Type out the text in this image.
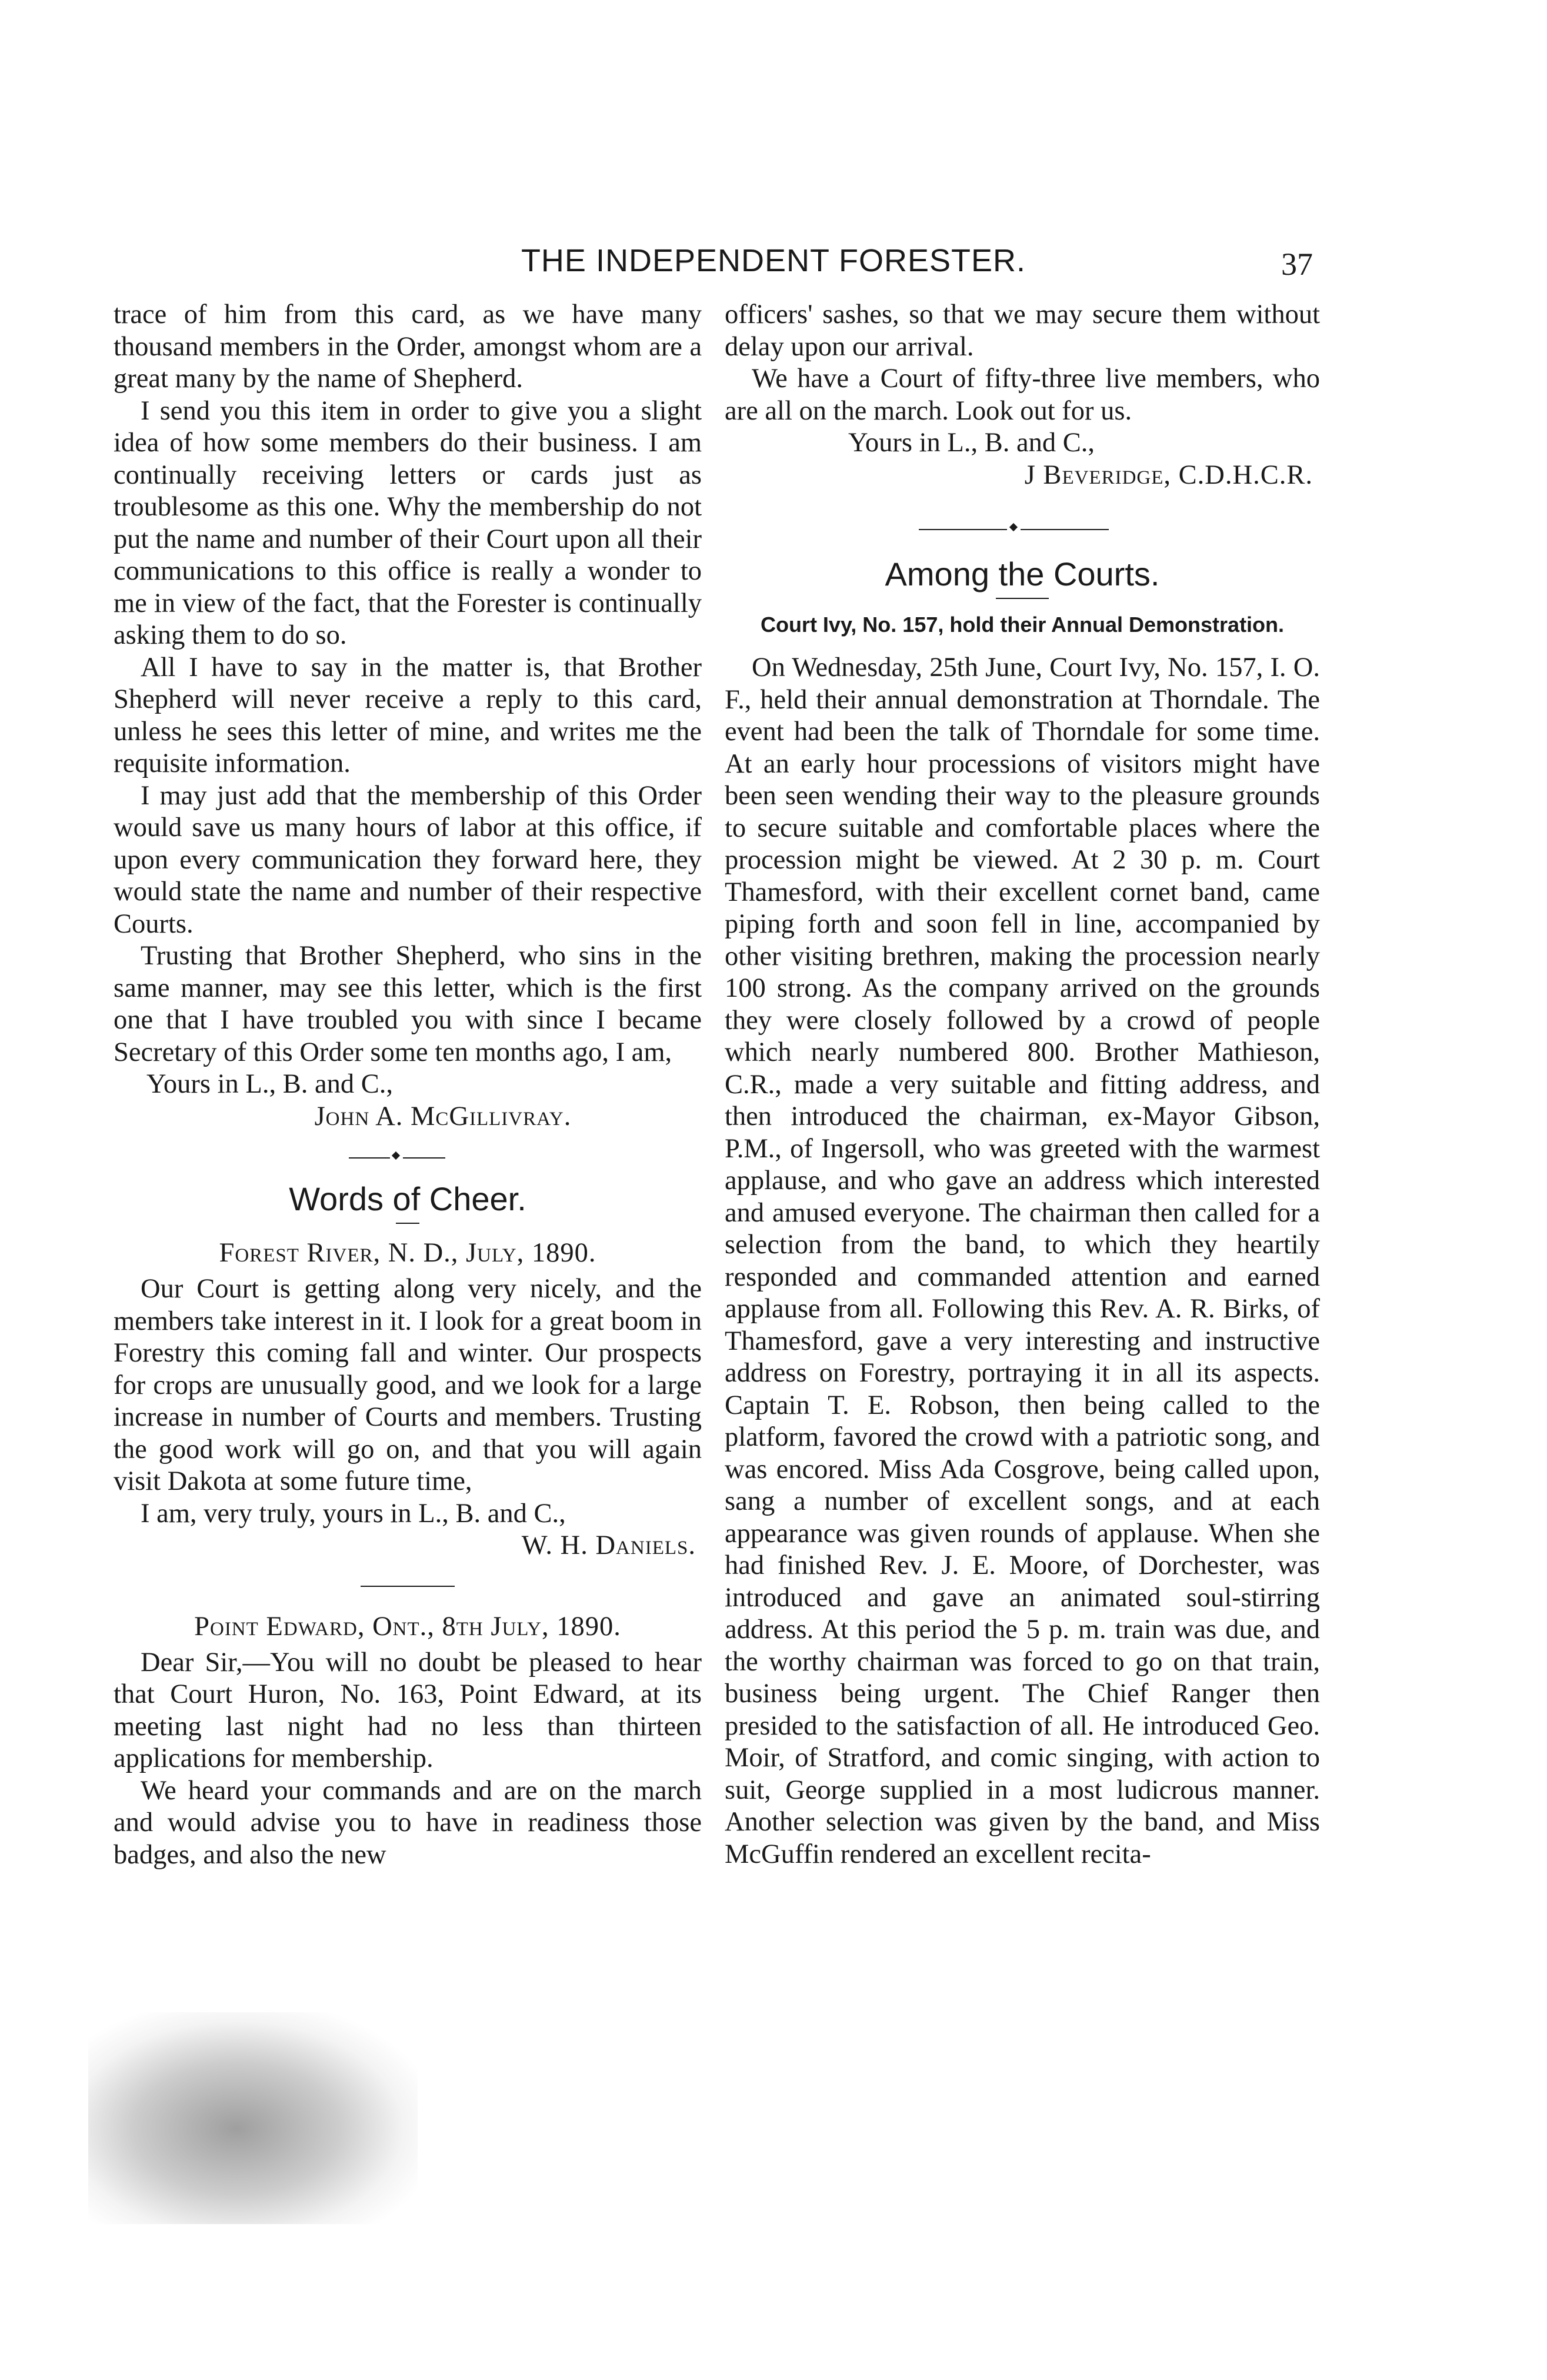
THE INDEPENDENT FORESTER.	37

trace of him from this card, as we have many thousand members in the Order, amongst whom are a great many by the name of Shepherd.

I send you this item in order to give you a slight idea of how some members do their business. I am continually receiving letters or cards just as troublesome as this one. Why the membership do not put the name and number of their Court upon all their communications to this office is really a wonder to me in view of the fact, that the Forester is continually asking them to do so.

All I have to say in the matter is, that Brother Shepherd will never receive a reply to this card, unless he sees this letter of mine, and writes me the requisite information.

I may just add that the membership of this Order would save us many hours of labor at this office, if upon every communication they forward here, they would state the name and number of their respective Courts.

Trusting that Brother Shepherd, who sins in the same manner, may see this letter, which is the first one that I have troubled you with since I became Secretary of this Order some ten months ago, I am,

Yours in L., B. and C.,
John A. McGillivray.
Words of Cheer.
Forest River, N. D., July, 1890.

Our Court is getting along very nicely, and the members take interest in it. I look for a great boom in Forestry this coming fall and winter. Our prospects for crops are unusually good, and we look for a large increase in number of Courts and members. Trusting the good work will go on, and that you will again visit Dakota at some future time,

I am, very truly, yours in L., B. and C.,
W. H. Daniels.
Point Edward, Ont., 8th July, 1890.

Dear Sir,—You will no doubt be pleased to hear that Court Huron, No. 163, Point Edward, at its meeting last night had no less than thirteen applications for membership.

We heard your commands and are on the march and would advise you to have in readiness those badges, and also the new

officers' sashes, so that we may secure them without delay upon our arrival.

We have a Court of fifty-three live members, who are all on the march. Look out for us.

Yours in L., B. and C.,
J Beveridge, C.D.H.C.R.
Among the Courts.
Court Ivy, No. 157, hold their Annual Demonstration.

On Wednesday, 25th June, Court Ivy, No. 157, I. O. F., held their annual demonstration at Thorndale. The event had been the talk of Thorndale for some time. At an early hour processions of visitors might have been seen wending their way to the pleasure grounds to secure suitable and comfortable places where the procession might be viewed. At 2 30 p. m. Court Thamesford, with their excellent cornet band, came piping forth and soon fell in line, accompanied by other visiting brethren, making the procession nearly 100 strong. As the company arrived on the grounds they were closely followed by a crowd of people which nearly numbered 800. Brother Mathieson, C.R., made a very suitable and fitting address, and then introduced the chairman, ex-Mayor Gibson, P.M., of Ingersoll, who was greeted with the warmest applause, and who gave an address which interested and amused everyone. The chairman then called for a selection from the band, to which they heartily responded and commanded attention and earned applause from all. Following this Rev. A. R. Birks, of Thamesford, gave a very interesting and instructive address on Forestry, portraying it in all its aspects. Captain T. E. Robson, then being called to the platform, favored the crowd with a patriotic song, and was encored. Miss Ada Cosgrove, being called upon, sang a number of excellent songs, and at each appearance was given rounds of applause. When she had finished Rev. J. E. Moore, of Dorchester, was introduced and gave an animated soul-stirring address. At this period the 5 p. m. train was due, and the worthy chairman was forced to go on that train, business being urgent. The Chief Ranger then presided to the satisfaction of all. He introduced Geo. Moir, of Stratford, and comic singing, with action to suit, George supplied in a most ludicrous manner. Another selection was given by the band, and Miss McGuffin rendered an excellent recita-
